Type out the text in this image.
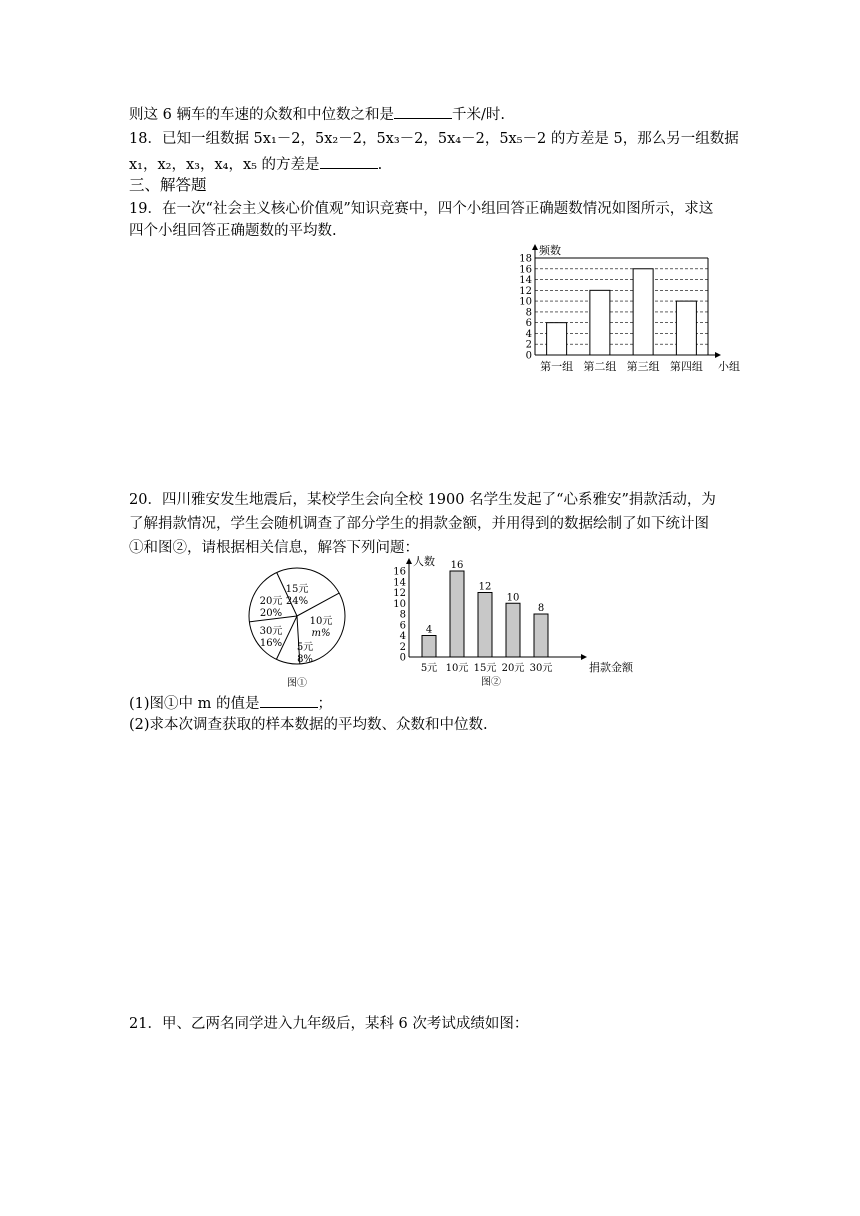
则这 6 辆车的车速的众数和中位数之和是	千米/时.
18．已知一组数据 5x₁－2，5x₂－2，5x₃－2，5x₄－2，5x₅－2 的方差是 5，那么另一组数据
x₁，x₂，x₃，x₄，x₅ 的方差是	.
三、解答题
19．在一次“社会主义核心价值观”知识竞赛中，四个小组回答正确题数情况如图所示，求这
四个小组回答正确题数的平均数.
0
2
4
6
8
10
12
14
16
18
频数
小组
第一组 第二组 第三组 第四组
20．四川雅安发生地震后，某校学生会向全校 1900 名学生发起了“心系雅安”捐款活动，为
了解捐款情况，学生会随机调查了部分学生的捐款金额，并用得到的数据绘制了如下统计图
①和图②，请根据相关信息，解答下列问题：
15元
24%
10元
m%
5元
8%
30元
16%
20元
20%
图①
0
2
4
6
8
10
12
14
16
人数
捐款金额
4
5元
16
10元
12
15元
10
20元
8
30元
图②
(1)图①中 m 的值是	；
(2)求本次调查获取的样本数据的平均数、众数和中位数.
21．甲、乙两名同学进入九年级后，某科 6 次考试成绩如图：
